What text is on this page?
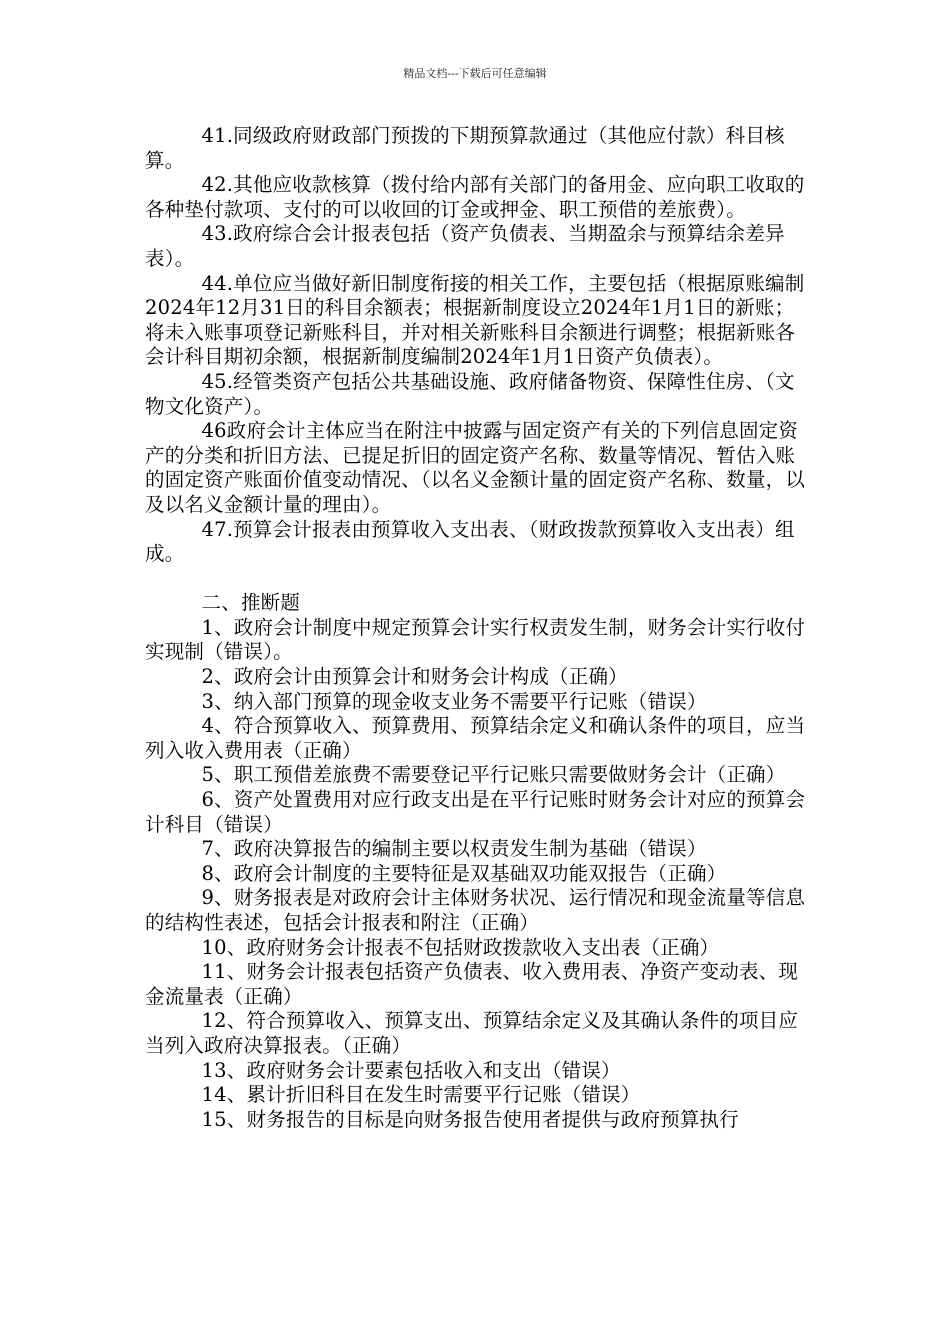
精品文档---下载后可任意编辑

41.同级政府财政部门预拨的下期预算款通过（其他应付款）科目核算。

42.其他应收款核算（拨付给内部有关部门的备用金、应向职工收取的各种垫付款项、支付的可以收回的订金或押金、职工预借的差旅费）。

43.政府综合会计报表包括（资产负债表、当期盈余与预算结余差异表）。

44.单位应当做好新旧制度衔接的相关工作，主要包括（根据原账编制2024年12月31日的科目余额表；根据新制度设立2024年1月1日的新账；将未入账事项登记新账科目，并对相关新账科目余额进行调整；根据新账各会计科目期初余额，根据新制度编制2024年1月1日资产负债表）。

45.经管类资产包括公共基础设施、政府储备物资、保障性住房、（文物文化资产）。

46政府会计主体应当在附注中披露与固定资产有关的下列信息固定资产的分类和折旧方法、已提足折旧的固定资产名称、数量等情况、暂估入账的固定资产账面价值变动情况、（以名义金额计量的固定资产名称、数量，以及以名义金额计量的理由）。

47.预算会计报表由预算收入支出表、（财政拨款预算收入支出表）组成。

二、推断题

1、政府会计制度中规定预算会计实行权责发生制，财务会计实行收付实现制（错误）。

2、政府会计由预算会计和财务会计构成（正确）

3、纳入部门预算的现金收支业务不需要平行记账（错误）

4、符合预算收入、预算费用、预算结余定义和确认条件的项目，应当列入收入费用表（正确）

5、职工预借差旅费不需要登记平行记账只需要做财务会计（正确）

6、资产处置费用对应行政支出是在平行记账时财务会计对应的预算会计科目（错误）

7、政府决算报告的编制主要以权责发生制为基础（错误）

8、政府会计制度的主要特征是双基础双功能双报告（正确）

9、财务报表是对政府会计主体财务状况、运行情况和现金流量等信息的结构性表述，包括会计报表和附注（正确）

10、政府财务会计报表不包括财政拨款收入支出表（正确）

11、财务会计报表包括资产负债表、收入费用表、净资产变动表、现金流量表（正确）

12、符合预算收入、预算支出、预算结余定义及其确认条件的项目应当列入政府决算报表。（正确）

13、政府财务会计要素包括收入和支出（错误）

14、累计折旧科目在发生时需要平行记账（错误）

15、财务报告的目标是向财务报告使用者提供与政府预算执行
